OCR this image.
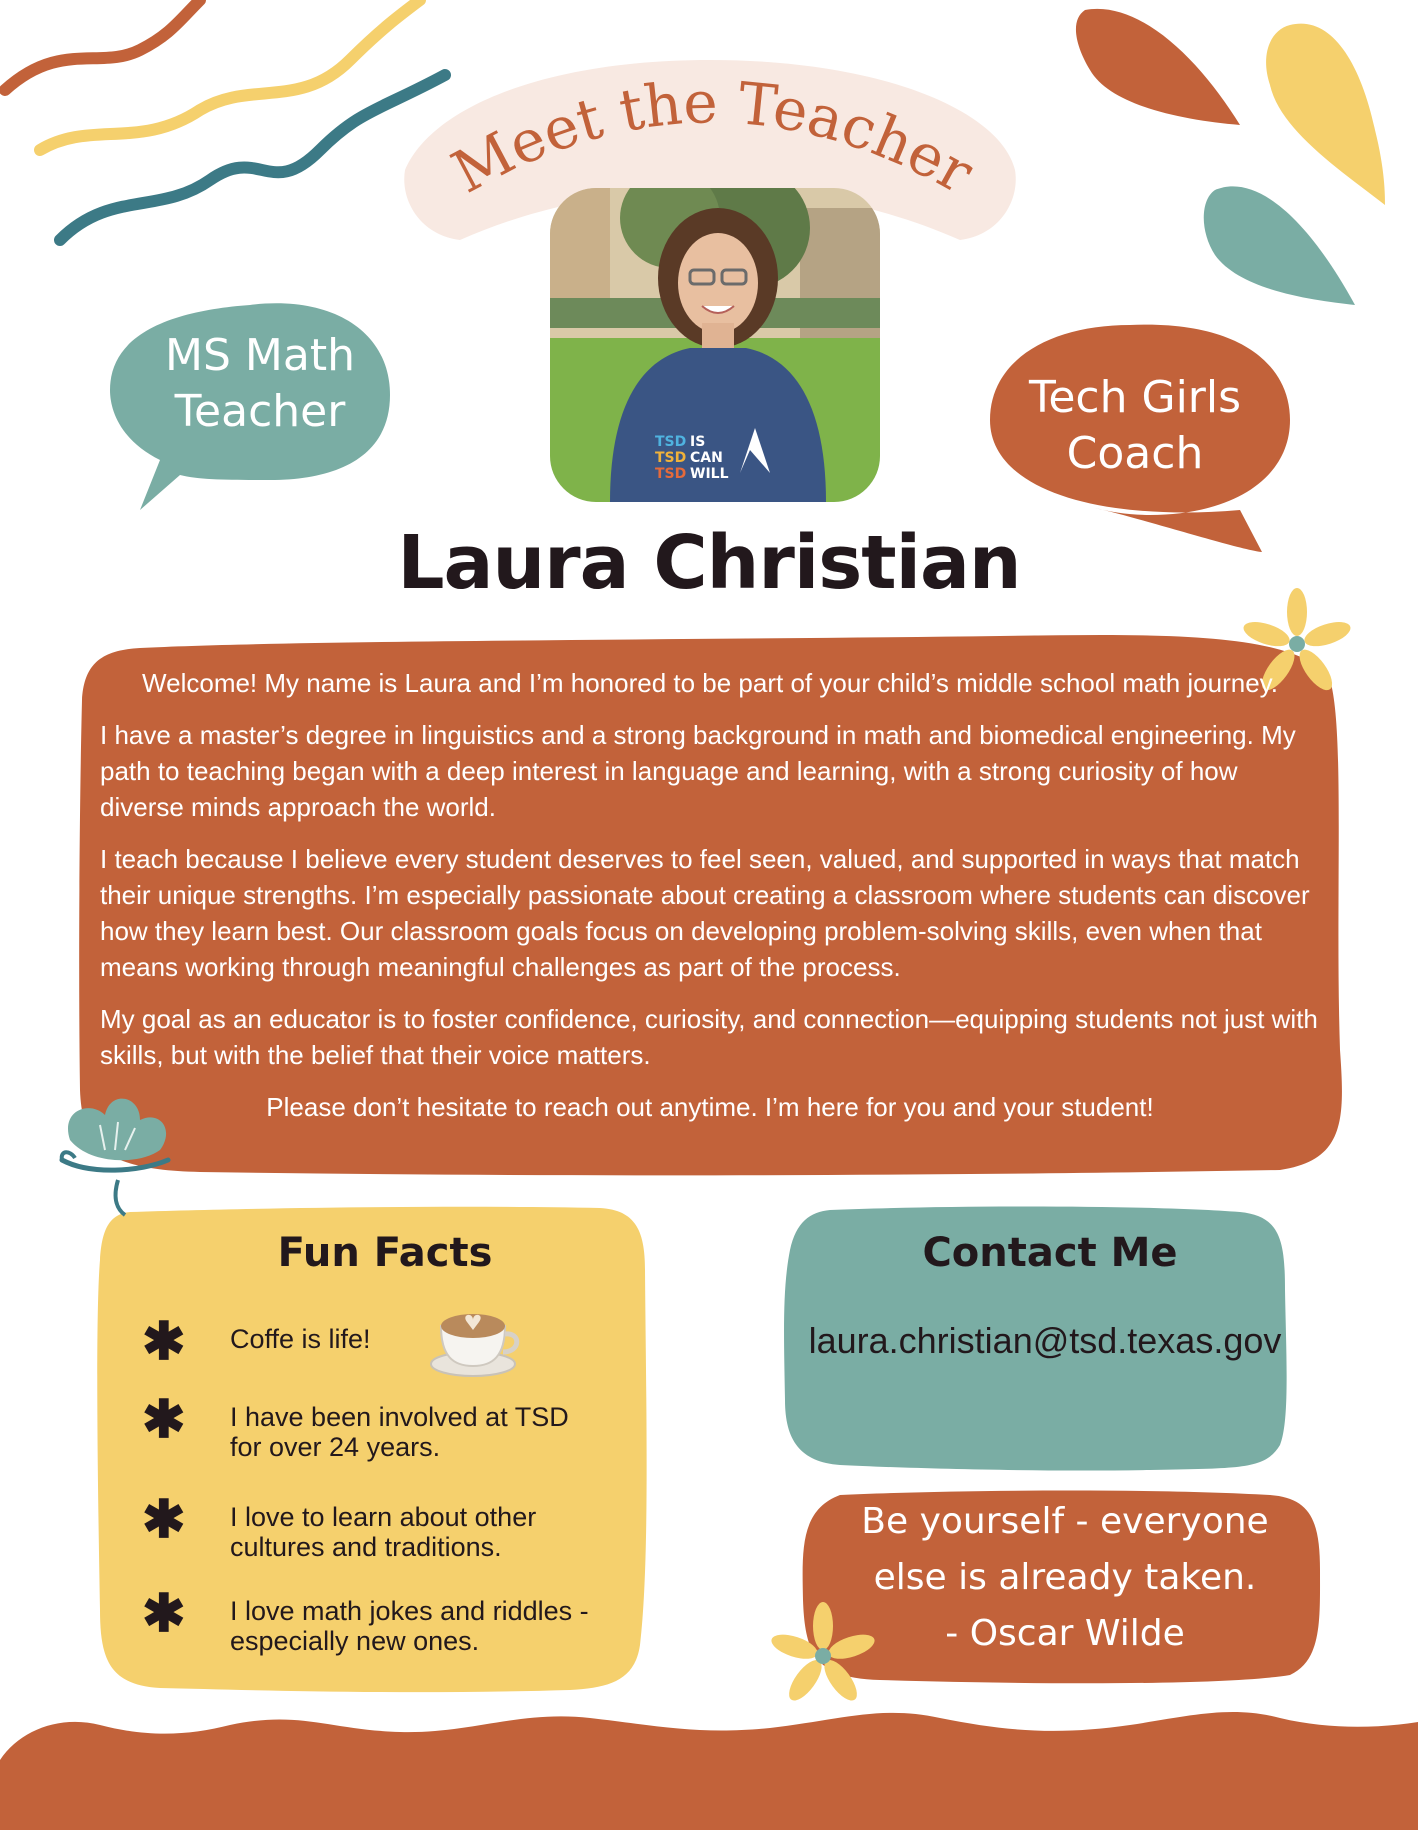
Meet the Teacher
MS Math
Teacher	Tech Girls
Coach
TSD IS
TSD CAN
TSD WILL
Laura Christian

Welcome! My name is Laura and I’m honored to be part of your child’s middle school math journey.

I have a master’s degree in linguistics and a strong background in math and biomedical engineering. My path to teaching began with a deep interest in language and learning, with a strong curiosity of how diverse minds approach the world.

I teach because I believe every student deserves to feel seen, valued, and supported in ways that match their unique strengths. I’m especially passionate about creating a classroom where students can discover how they learn best. Our classroom goals focus on developing problem-solving skills, even when that means working through meaningful challenges as part of the process.

My goal as an educator is to foster confidence, curiosity, and connection—equipping students not just with skills, but with the belief that their voice matters.

Please don’t hesitate to reach out anytime. I’m here for you and your student!

Fun Facts
✱ Coffe is life!
✱ I have been involved at TSD for over 24 years.
✱ I love to learn about other cultures and traditions.
✱ I love math jokes and riddles - especially new ones.
Contact Me
laura.christian@tsd.texas.gov
Be yourself - everyone
else is already taken.
- Oscar Wilde
